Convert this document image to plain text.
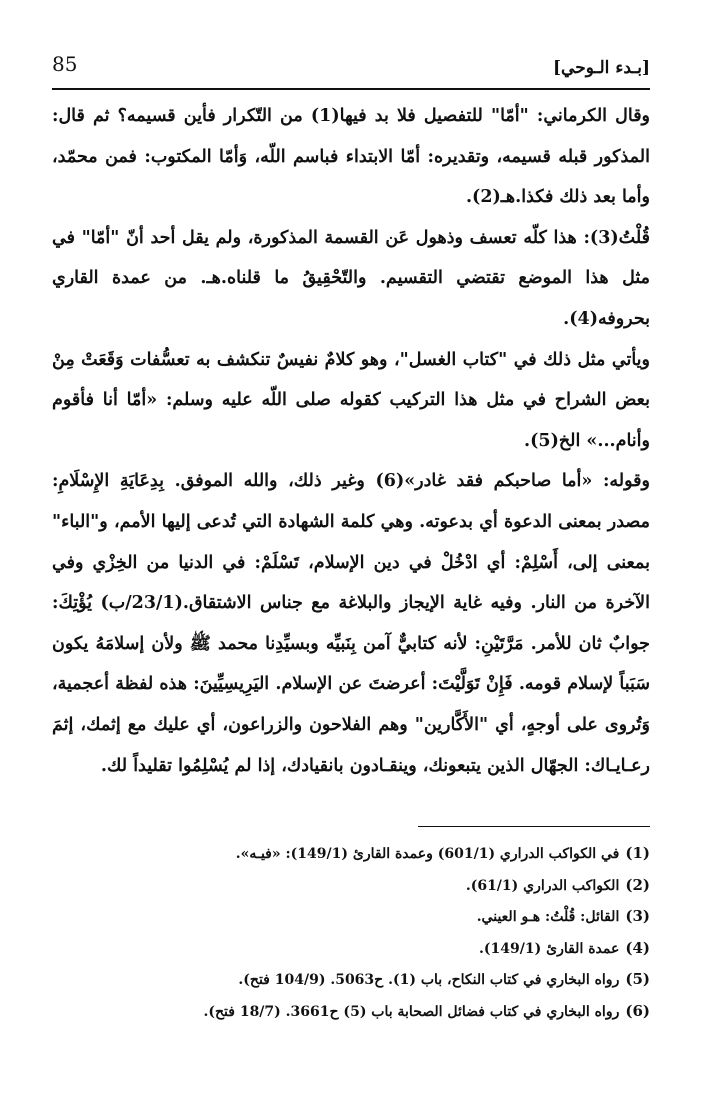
85	[بـدء الـوحي]

وقال الكرماني: "أمّا" للتفصيل فلا بد فيها(1) من التّكرار فأين قسيمه؟ ثم قال: المذكور قبله قسيمه، وتقديره: أمّا الابتداء فباسم اللّه، وَأمّا المكتوب: فمن محمّد، وأما بعد ذلك فكذا.هـ(2).

قُلْتُ(3): هذا كلّه تعسف وذهول عَن القسمة المذكورة، ولم يقل أحد أنّ "أمّا" في مثل هذا الموضع تقتضي التقسيم. والتّحْقِيقُ ما قلناه.هـ. من عمدة القاري بحروفه(4).

ويأتي مثل ذلك في "كتاب الغسل"، وهو كلامٌ نفيسٌ تنكشف به تعسُّفات وَقَعَتْ مِنْ بعض الشراح في مثل هذا التركيب كقوله صلى اللّه عليه وسلم: «أمّا أنا فأقوم وأنام...» الخ(5).

وقوله: «أما صاحبكم فقد غادر»(6) وغير ذلك، والله الموفق. بِدِعَايَةِ الإِسْلَامِ: مصدر بمعنى الدعوة أي بدعوته. وهي كلمة الشهادة التي تُدعى إليها الأمم، و"الباء" بمعنى إلى، أَسْلِمْ: أي ادْخُلْ في دين الإسلام، تَسْلَمْ: في الدنيا من الخِزْي وفي الآخرة من النار. وفيه غاية الإيجاز والبلاغة مع جناس الاشتقاق.(23/1/ب) يُؤْتِكَ: جوابٌ ثان للأمر. مَرَّتَيْنِ: لأنه كتابيٌّ آمن بِنَبيِّه وبسيِّدِنا محمد ﷺ ولأن إسلامَهُ يكون سَبَباً لإسلام قومه. فَإِنْ تَوَلَّيْتَ: أعرضتَ عن الإسلام. اليَرِيسِيِّينَ: هذه لفظة أعجمية، وَتُروى على أوجهٍ، أي "الأَكَّارين" وهم الفلاحون والزراعون، أي عليك مع إثمك، إثمَ رعـايـاك: الجهّال الذين يتبعونك، وينقـادون بانقيادك، إذا لم يُسْلِمُوا تقليداً لك.

(1)في الكواكب الدراري (601/1) وعمدة القارئ (149/1): «فيـه».
(2)الكواكب الدراري (61/1).
(3)القائل: قُلْتُ: هـو العيني.
(4)عمدة القارئ (149/1).
(5)رواه البخاري في كتاب النكاح، باب (1). ح5063. (104/9 فتح).
(6)رواه البخاري في كتاب فضائل الصحابة باب (5) ح3661. (18/7 فتح).
